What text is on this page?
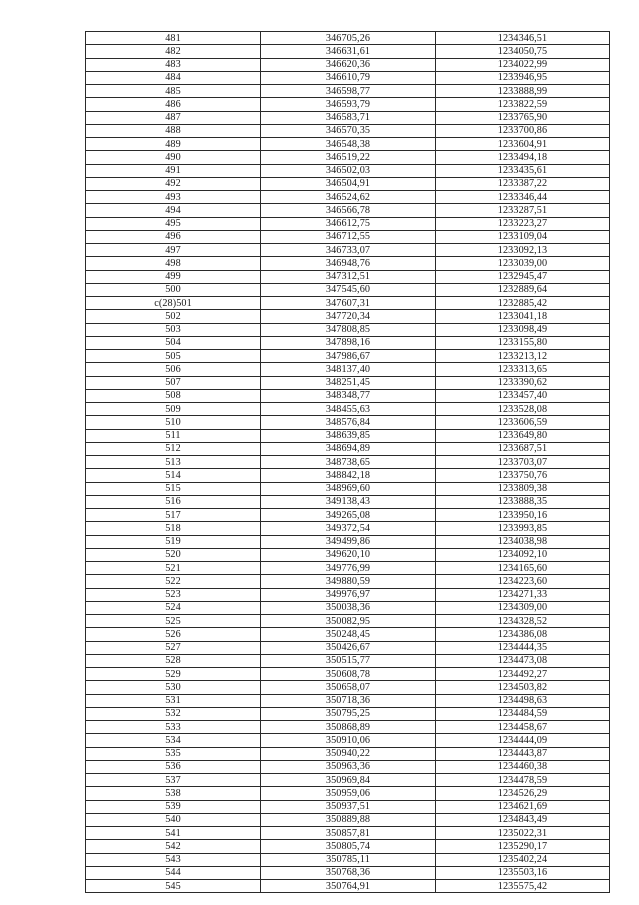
481	346705,26	1234346,51
482	346631,61	1234050,75
483	346620,36	1234022,99
484	346610,79	1233946,95
485	346598,77	1233888,99
486	346593,79	1233822,59
487	346583,71	1233765,90
488	346570,35	1233700,86
489	346548,38	1233604,91
490	346519,22	1233494,18
491	346502,03	1233435,61
492	346504,91	1233387,22
493	346524,62	1233346,44
494	346566,78	1233287,51
495	346612,75	1233223,27
496	346712,55	1233109,04
497	346733,07	1233092,13
498	346948,76	1233039,00
499	347312,51	1232945,47
500	347545,60	1232889,64
c(28)501	347607,31	1232885,42
502	347720,34	1233041,18
503	347808,85	1233098,49
504	347898,16	1233155,80
505	347986,67	1233213,12
506	348137,40	1233313,65
507	348251,45	1233390,62
508	348348,77	1233457,40
509	348455,63	1233528,08
510	348576,84	1233606,59
511	348639,85	1233649,80
512	348694,89	1233687,51
513	348738,65	1233703,07
514	348842,18	1233750,76
515	348969,60	1233809,38
516	349138,43	1233888,35
517	349265,08	1233950,16
518	349372,54	1233993,85
519	349499,86	1234038,98
520	349620,10	1234092,10
521	349776,99	1234165,60
522	349880,59	1234223,60
523	349976,97	1234271,33
524	350038,36	1234309,00
525	350082,95	1234328,52
526	350248,45	1234386,08
527	350426,67	1234444,35
528	350515,77	1234473,08
529	350608,78	1234492,27
530	350658,07	1234503,82
531	350718,36	1234498,63
532	350795,25	1234484,59
533	350868,89	1234458,67
534	350910,06	1234444,09
535	350940,22	1234443,87
536	350963,36	1234460,38
537	350969,84	1234478,59
538	350959,06	1234526,29
539	350937,51	1234621,69
540	350889,88	1234843,49
541	350857,81	1235022,31
542	350805,74	1235290,17
543	350785,11	1235402,24
544	350768,36	1235503,16
545	350764,91	1235575,42
